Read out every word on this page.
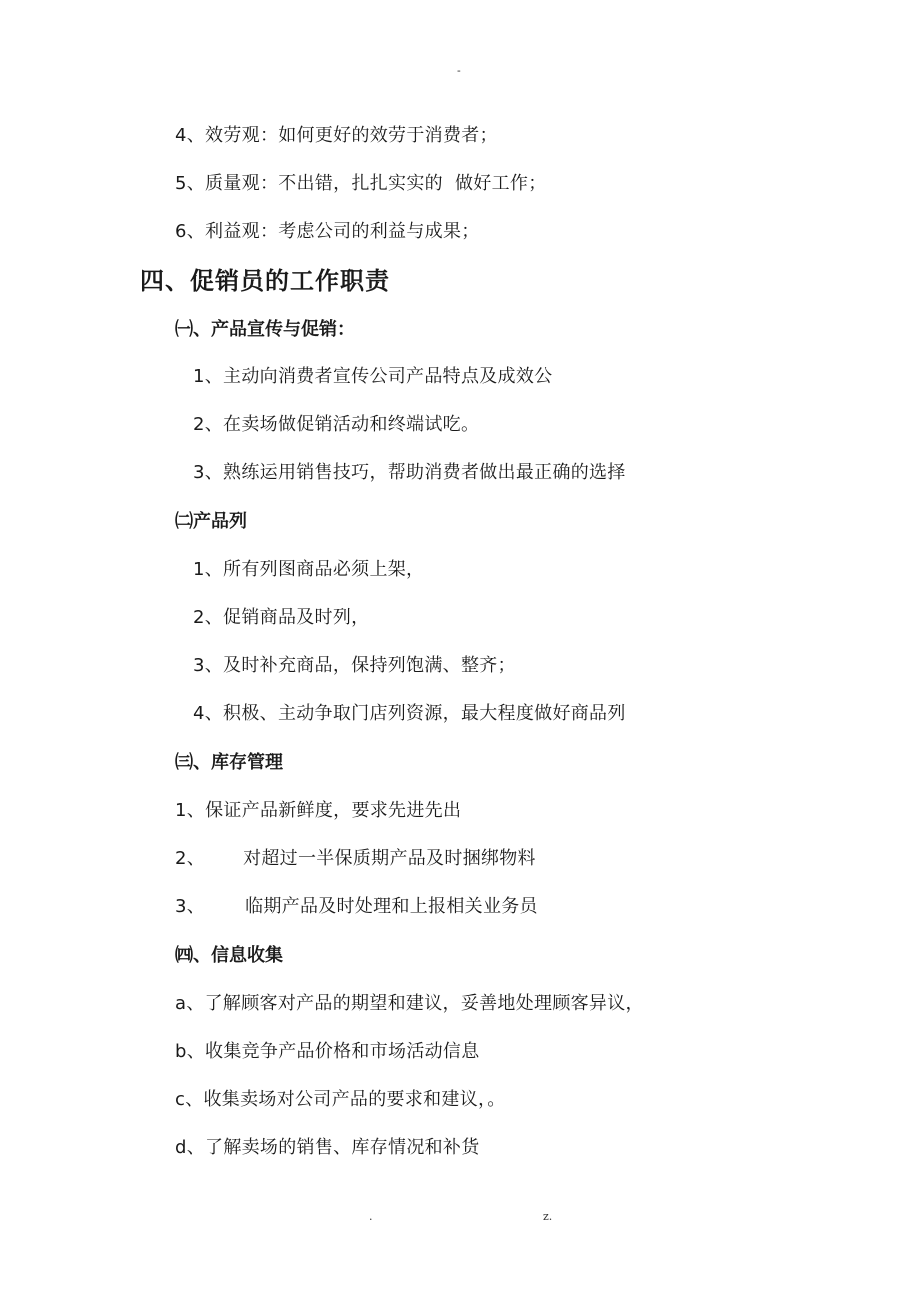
-
4、效劳观：如何更好的效劳于消费者；
5、质量观：不出错，扎扎实实的  做好工作；
6、利益观：考虑公司的利益与成果；
四、促销员的工作职责
㈠、产品宣传与促销：
1、主动向消费者宣传公司产品特点及成效公
2、在卖场做促销活动和终端试吃。
3、熟练运用销售技巧，帮助消费者做出最正确的选择
㈡产品列
1、所有列图商品必须上架，
2、促销商品及时列，
3、及时补充商品，保持列饱满、整齐；
4、积极、主动争取门店列资源，最大程度做好商品列
㈢、库存管理
1、保证产品新鲜度，要求先进先出
2、 对超过一半保质期产品及时捆绑物料
3、 临期产品及时处理和上报相关业务员
㈣、信息收集
a、了解顾客对产品的期望和建议，妥善地处理顾客异议，
b、收集竞争产品价格和市场活动信息
c、收集卖场对公司产品的要求和建议，。
d、了解卖场的销售、库存情况和补货
.	z.
